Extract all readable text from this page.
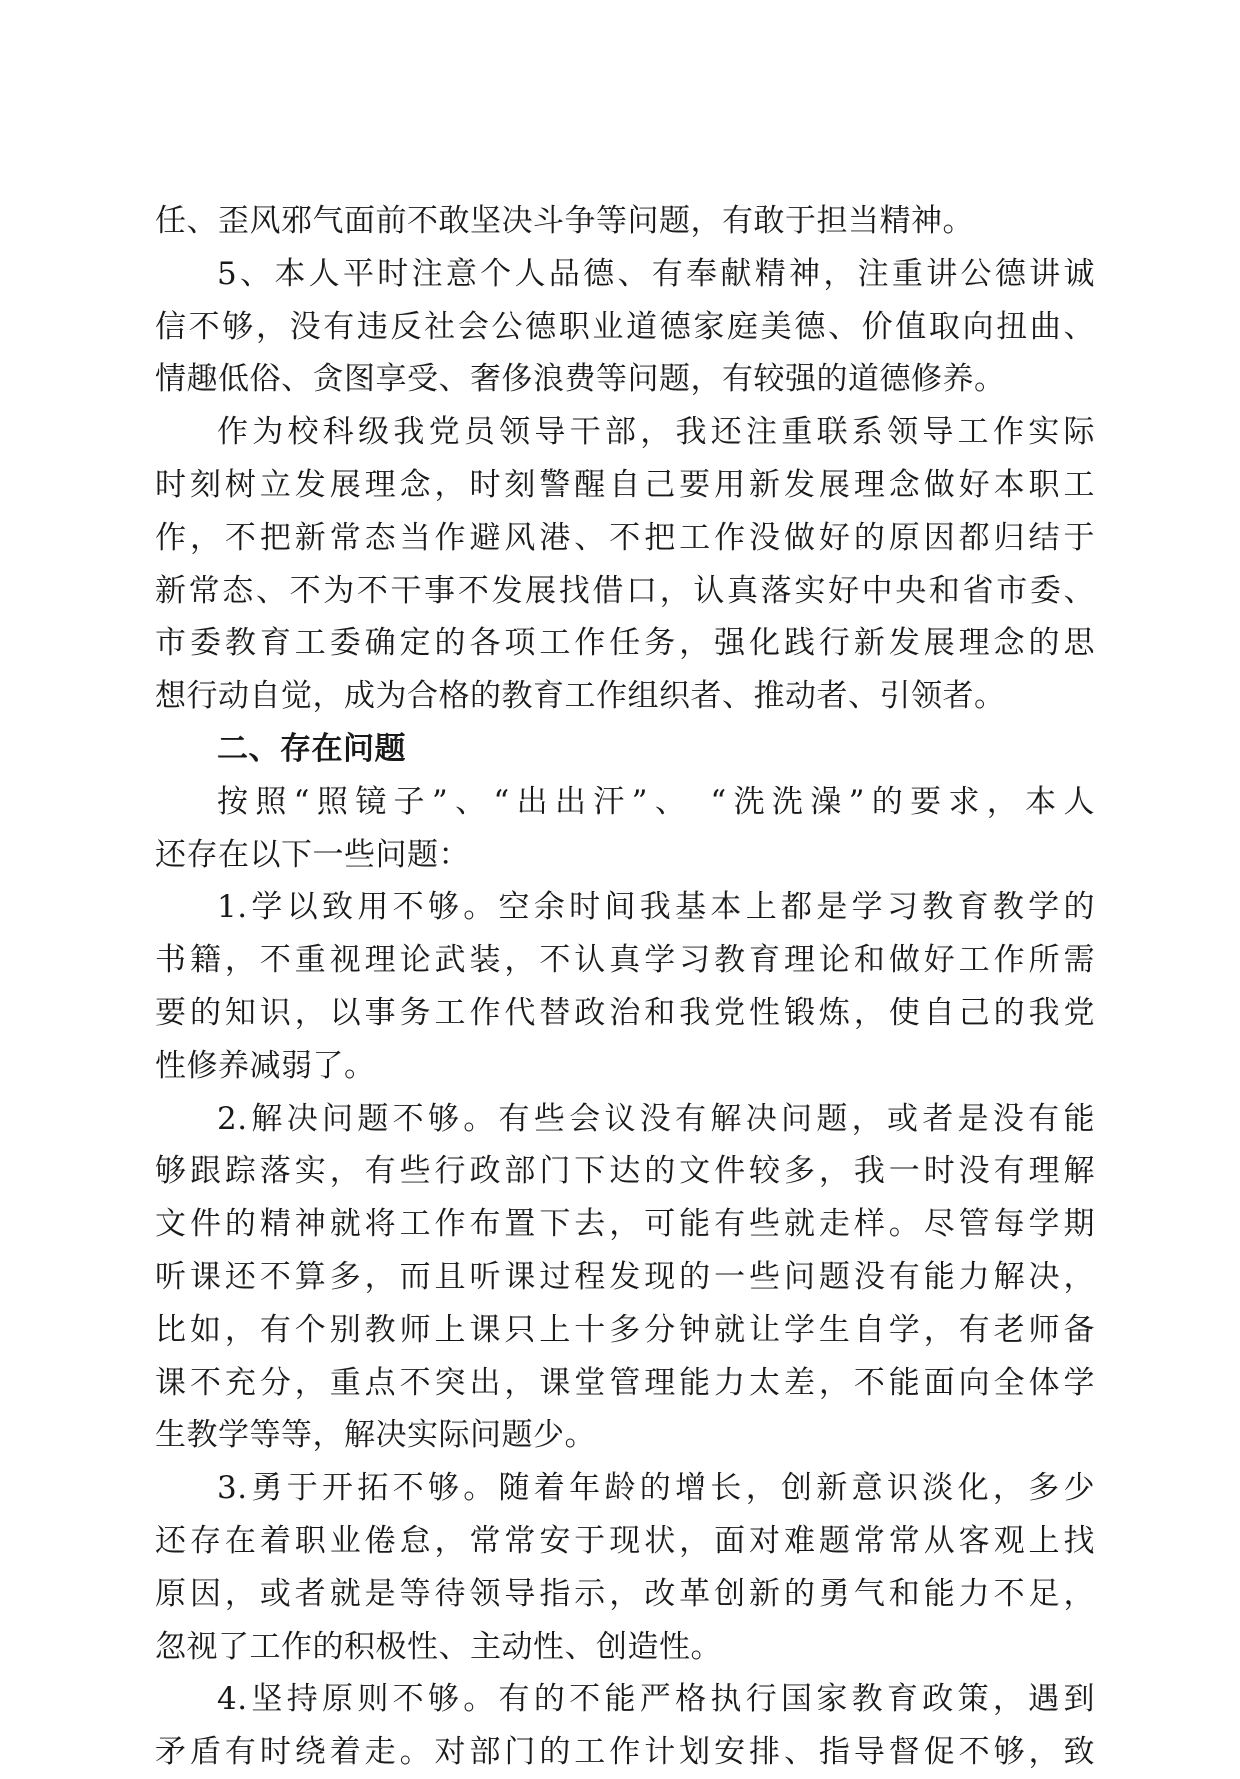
任、歪风邪气面前不敢坚决斗争等问题，有敢于担当精神。
5、本人平时注意个人品德、有奉献精神，注重讲公德讲诚
信不够，没有违反社会公德职业道德家庭美德、价值取向扭曲、
情趣低俗、贪图享受、奢侈浪费等问题，有较强的道德修养。
作为校科级我党员领导干部，我还注重联系领导工作实际
时刻树立发展理念，时刻警醒自己要用新发展理念做好本职工
作，不把新常态当作避风港、不把工作没做好的原因都归结于
新常态、不为不干事不发展找借口，认真落实好中央和省市委、
市委教育工委确定的各项工作任务，强化践行新发展理念的思
想行动自觉，成为合格的教育工作组织者、推动者、引领者。
二、存在问题
按照“照镜子”、“出出汗”、 “洗洗澡”的要求，本人
还存在以下一些问题：
1.学以致用不够。空余时间我基本上都是学习教育教学的
书籍，不重视理论武装，不认真学习教育理论和做好工作所需
要的知识，以事务工作代替政治和我党性锻炼，使自己的我党
性修养减弱了。
2.解决问题不够。有些会议没有解决问题，或者是没有能
够跟踪落实，有些行政部门下达的文件较多，我一时没有理解
文件的精神就将工作布置下去，可能有些就走样。尽管每学期
听课还不算多，而且听课过程发现的一些问题没有能力解决，
比如，有个别教师上课只上十多分钟就让学生自学，有老师备
课不充分，重点不突出，课堂管理能力太差，不能面向全体学
生教学等等，解决实际问题少。
3.勇于开拓不够。随着年龄的增长，创新意识淡化，多少
还存在着职业倦怠，常常安于现状，面对难题常常从客观上找
原因，或者就是等待领导指示，改革创新的勇气和能力不足，
忽视了工作的积极性、主动性、创造性。
4.坚持原则不够。有的不能严格执行国家教育政策，遇到
矛盾有时绕着走。对部门的工作计划安排、指导督促不够，致
